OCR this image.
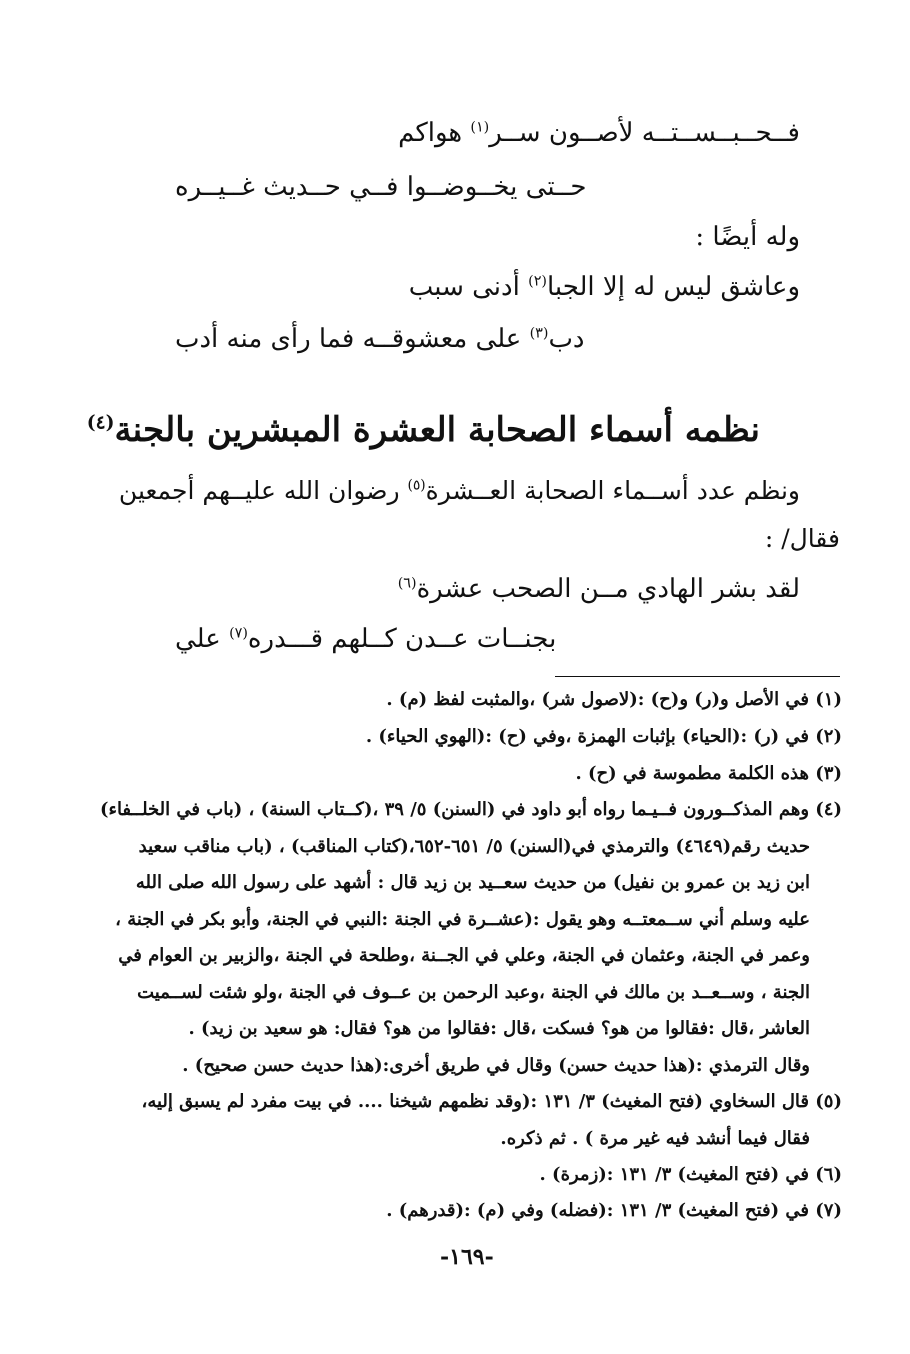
فــحــبــســتــه لأصــون ســر$^{(١)}$ هواكم
حــتى يخــوضــوا فــي حــديث غــيــره
وله أيضًا :
وعاشق ليس له إلا الجبا$^{(٢)}$ أدنى سبب
دب$^{(٣)}$ على معشوقــه فما رأى منه أدب
نظمه أسماء الصحابة العشرة المبشرين بالجنة$^{(٤)}$
ونظم عدد أســماء الصحابة العــشرة$^{(٥)}$ رضوان الله عليــهم أجمعين
فقال/ :
لقد بشر الهادي مــن الصحب عشرة$^{(٦)}$
بجنــات عــدن كــلهم قـــدره$^{(٧)}$ علي
(١) في الأصل و(ر) و(ح) :(لاصول شر) ،والمثبت لفظ (م) .
(٢) في (ر) :(الحياء) بإثبات الهمزة ،وفي (ح) :(الهوي الحياء) .
(٣) هذه الكلمة مطموسة في (ح) .
(٤) وهم المذكــورون فــيـما رواه أبو داود في (السنن) ٥/ ٣٩ ،(كــتاب السنة) ، (باب في الخلــفاء)
حديث رقم(٤٦٤٩) والترمذي في(السنن) ٥/ ٦٥١-٦٥٢،(كتاب المناقب) ، (باب مناقب سعيد
ابن زيد بن عمرو بن نفيل) من حديث سعــيد بن زيد قال : أشهد على رسول الله صلى الله
عليه وسلم أني ســمعتــه وهو يقول :(عشــرة في الجنة :النبي في الجنة، وأبو بكر في الجنة ،
وعمر في الجنة، وعثمان في الجنة، وعلي في الجــنة ،وطلحة في الجنة ،والزبير بن العوام في
الجنة ، وســعــد بن مالك في الجنة ،وعبد الرحمن بن عــوف في الجنة ،ولو شئت لســميت
العاشر ،قال :فقالوا من هو؟ فسكت ،قال :فقالوا من هو؟ فقال: هو سعيد بن زيد) .
وقال الترمذي :(هذا حديث حسن) وقال في طريق أخرى:(هذا حديث حسن صحيح) .
(٥) قال السخاوي (فتح المغيث) ٣/ ١٣١ :(وقد نظمهم شيخنا .... في بيت مفرد لم يسبق إليه،
فقال فيما أنشد فيه غير مرة ) . ثم ذكره.
(٦) في (فتح المغيث) ٣/ ١٣١ :(زمرة) .
(٧) في (فتح المغيث) ٣/ ١٣١ :(فضله) وفي (م) :(قدرهم) .
-١٦٩-
